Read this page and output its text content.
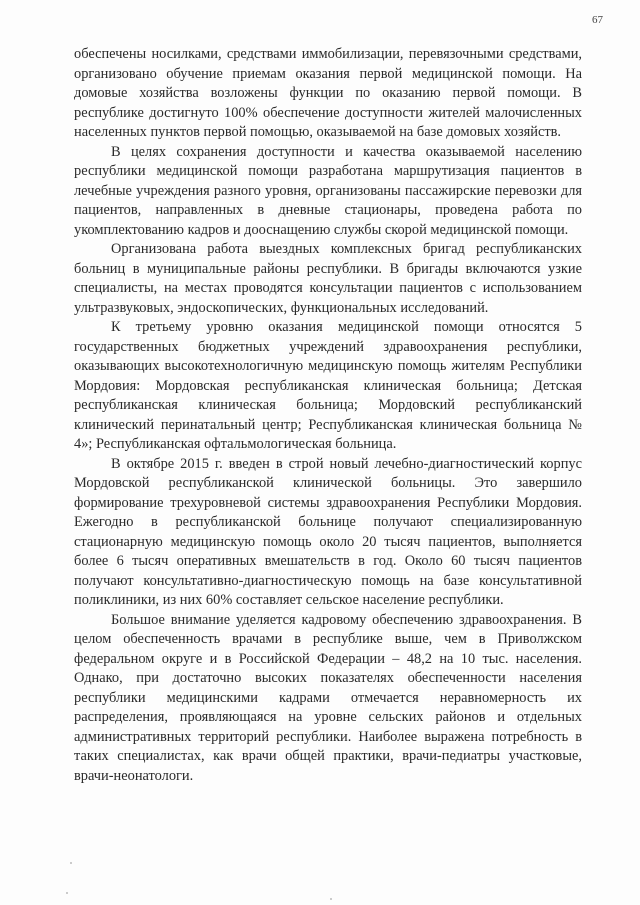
67

обеспечены носилками, средствами иммобилизации, перевязочными средствами, организовано обучение приемам оказания первой медицинской помощи. На домовые хозяйства возложены функции по оказанию первой помощи. В республике достигнуто 100% обеспечение доступности жителей малочисленных населенных пунктов первой помощью, оказываемой на базе домовых хозяйств.

В целях сохранения доступности и качества оказываемой населению республики медицинской помощи разработана маршрутизация пациентов в лечебные учреждения разного уровня, организованы пассажирские перевозки для пациентов, направленных в дневные стационары, проведена работа по укомплектованию кадров и дооснащению службы скорой медицинской помощи.

Организована работа выездных комплексных бригад республиканских больниц в муниципальные районы республики. В бригады включаются узкие специалисты, на местах проводятся консультации пациентов с использованием ультразвуковых, эндоскопических, функциональных исследований.

К третьему уровню оказания медицинской помощи относятся 5 государственных бюджетных учреждений здравоохранения республики, оказывающих высокотехнологичную медицинскую помощь жителям Республики Мордовия: Мордовская республиканская клиническая больница; Детская республиканская клиническая больница; Мордовский республиканский клинический перинатальный центр; Республиканская клиническая больница № 4»; Республиканская офтальмологическая больница.

В октябре 2015 г. введен в строй новый лечебно-диагностический корпус Мордовской республиканской клинической больницы. Это завершило формирование трехуровневой системы здравоохранения Республики Мордовия. Ежегодно в республиканской больнице получают специализированную стационарную медицинскую помощь около 20 тысяч пациентов, выполняется более 6 тысяч оперативных вмешательств в год. Около 60 тысяч пациентов получают консультативно-диагностическую помощь на базе консультативной поликлиники, из них 60% составляет сельское население республики.

Большое внимание уделяется кадровому обеспечению здравоохранения. В целом обеспеченность врачами в республике выше, чем в Приволжском федеральном округе и в Российской Федерации – 48,2 на 10 тыс. населения. Однако, при достаточно высоких показателях обеспеченности населения республики медицинскими кадрами отмечается неравномерность их распределения, проявляющаяся на уровне сельских районов и отдельных административных территорий республики. Наиболее выражена потребность в таких специалистах, как врачи общей практики, врачи-педиатры участковые, врачи-неонатологи.
